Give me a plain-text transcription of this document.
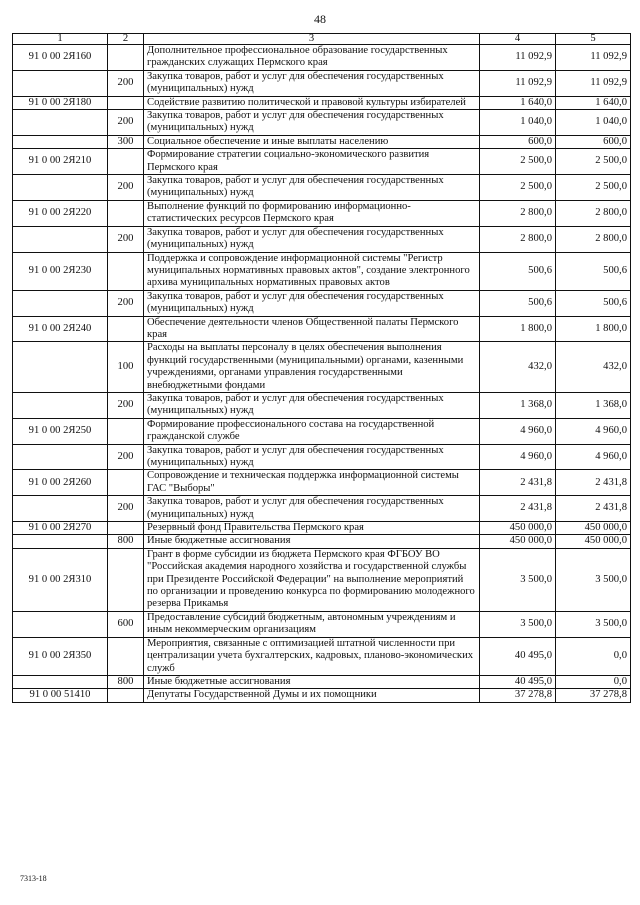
48
1	2	3	4	5
91 0 00 2Я160		Дополнительное профессиональное образование государственных гражданских служащих Пермского края	11 092,9	11 092,9
	200	Закупка товаров, работ и услуг для обеспечения государственных (муниципальных) нужд	11 092,9	11 092,9
91 0 00 2Я180		Содействие развитию политической и правовой культуры избирателей	1 640,0	1 640,0
	200	Закупка товаров, работ и услуг для обеспечения государственных (муниципальных) нужд	1 040,0	1 040,0
	300	Социальное обеспечение и иные выплаты населению	600,0	600,0
91 0 00 2Я210		Формирование стратегии социально-экономического развития Пермского края	2 500,0	2 500,0
	200	Закупка товаров, работ и услуг для обеспечения государственных (муниципальных) нужд	2 500,0	2 500,0
91 0 00 2Я220		Выполнение функций по формированию информационно-статистических ресурсов Пермского края	2 800,0	2 800,0
	200	Закупка товаров, работ и услуг для обеспечения государственных (муниципальных) нужд	2 800,0	2 800,0
91 0 00 2Я230		Поддержка и сопровождение информационной системы "Регистр муниципальных нормативных правовых актов", создание электронного архива муниципальных нормативных правовых актов	500,6	500,6
	200	Закупка товаров, работ и услуг для обеспечения государственных (муниципальных) нужд	500,6	500,6
91 0 00 2Я240		Обеспечение деятельности членов Общественной палаты Пермского края	1 800,0	1 800,0
	100	Расходы на выплаты персоналу в целях обеспечения выполнения функций государственными (муниципальными) органами, казенными учреждениями, органами управления государственными внебюджетными фондами	432,0	432,0
	200	Закупка товаров, работ и услуг для обеспечения государственных (муниципальных) нужд	1 368,0	1 368,0
91 0 00 2Я250		Формирование профессионального состава на государственной гражданской службе	4 960,0	4 960,0
	200	Закупка товаров, работ и услуг для обеспечения государственных (муниципальных) нужд	4 960,0	4 960,0
91 0 00 2Я260		Сопровождение и техническая поддержка информационной системы ГАС "Выборы"	2 431,8	2 431,8
	200	Закупка товаров, работ и услуг для обеспечения государственных (муниципальных) нужд	2 431,8	2 431,8
91 0 00 2Я270		Резервный фонд Правительства Пермского края	450 000,0	450 000,0
	800	Иные бюджетные ассигнования	450 000,0	450 000,0
91 0 00 2Я310		Грант в форме субсидии из бюджета Пермского края ФГБОУ ВО "Российская академия народного хозяйства и государственной службы при Президенте Российской Федерации" на выполнение мероприятий по организации и проведению конкурса по формированию молодежного резерва Прикамья	3 500,0	3 500,0
	600	Предоставление субсидий бюджетным, автономным учреждениям и иным некоммерческим организациям	3 500,0	3 500,0
91 0 00 2Я350		Мероприятия, связанные с оптимизацией штатной численности при централизации учета бухгалтерских, кадровых, планово-экономических служб	40 495,0	0,0
	800	Иные бюджетные ассигнования	40 495,0	0,0
91 0 00 51410		Депутаты Государственной Думы и их помощники	37 278,8	37 278,8
7313-18
